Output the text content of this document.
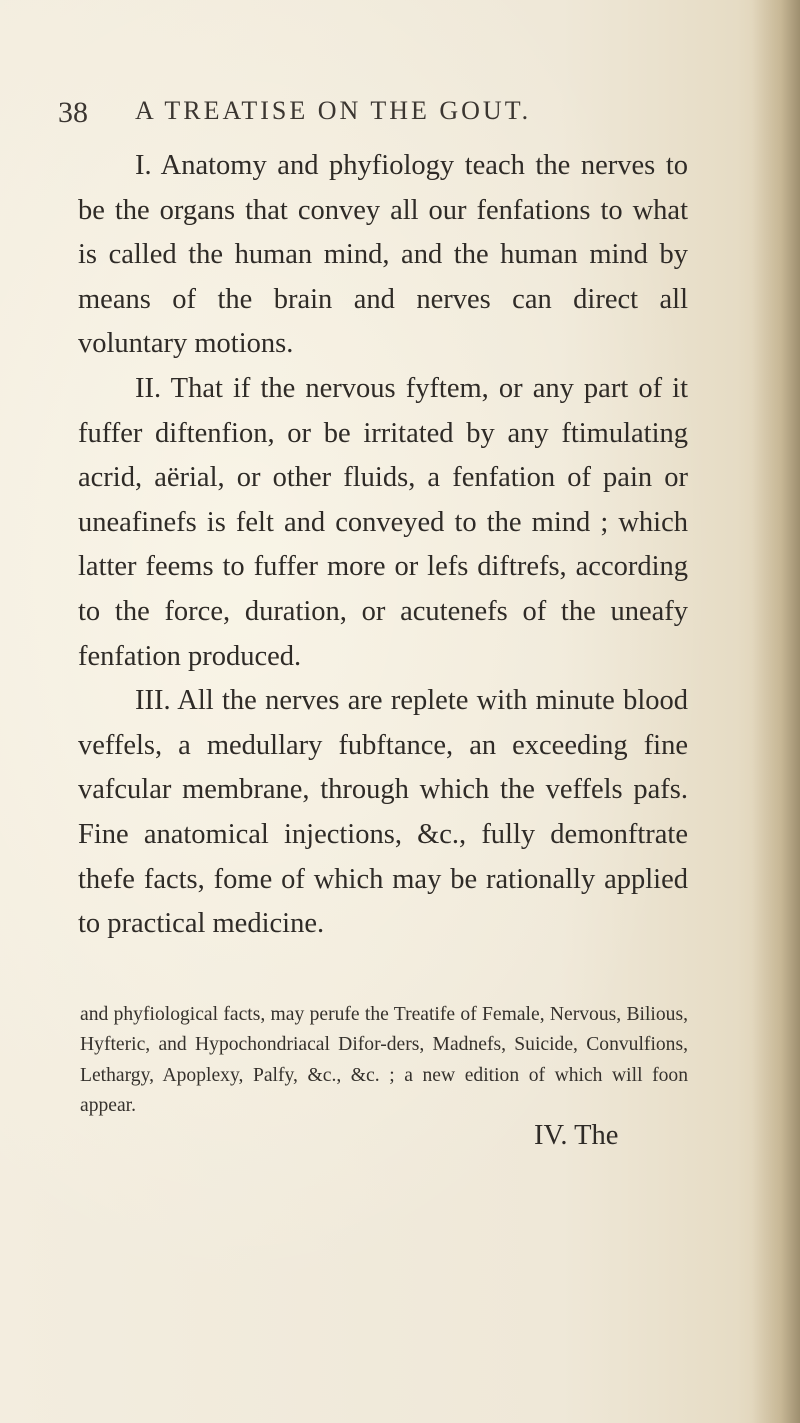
38 A TREATISE ON THE GOUT.

I. Anatomy and phyfiology teach the nerves to be the organs that convey all our fenfations to what is called the human mind, and the human mind by means of the brain and nerves can direct all voluntary motions.

II. That if the nervous fyftem, or any part of it fuffer diftenfion, or be irritated by any ftimulating acrid, aërial, or other fluids, a fenfation of pain or uneafinefs is felt and conveyed to the mind ; which latter feems to fuffer more or lefs diftrefs, according to the force, duration, or acutenefs of the uneafy fenfation produced.

III. All the nerves are replete with minute blood veffels, a medullary fubftance, an exceeding fine vafcular membrane, through which the veffels pafs. Fine anatomical injections, &c., fully demonftrate thefe facts, fome of which may be rationally applied to practical medicine.

and phyfiological facts, may perufe the Treatife of Female, Nervous, Bilious, Hyfteric, and Hypochondriacal Difor-ders, Madnefs, Suicide, Convulfions, Lethargy, Apoplexy, Palfy, &c., &c. ; a new edition of which will foon appear.
IV. The
